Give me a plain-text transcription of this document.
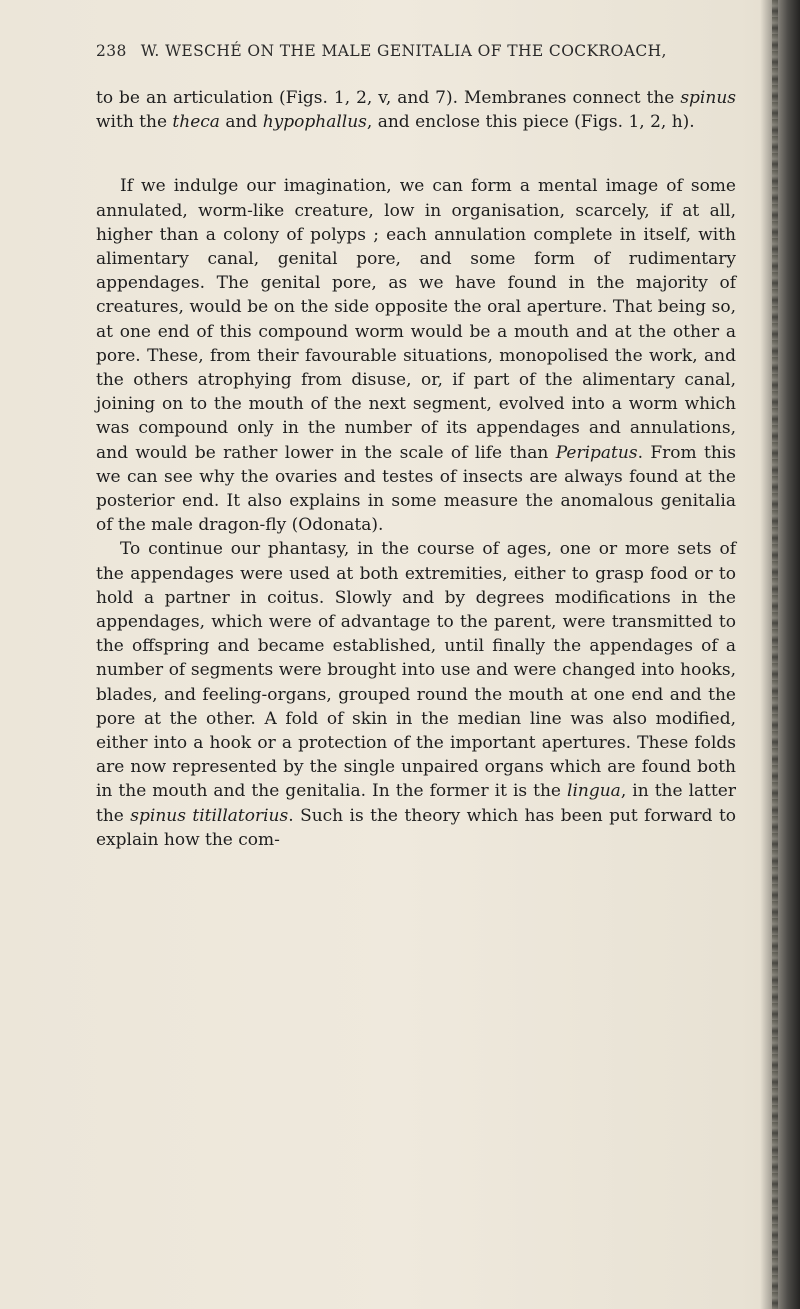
238 W. WESCHÉ ON THE MALE GENITALIA OF THE COCKROACH,

to be an articulation (Figs. 1, 2, v, and 7). Membranes connect the spinus with the theca and hypophallus, and enclose this piece (Figs. 1, 2, h).

If we indulge our imagination, we can form a mental image of some annulated, worm-like creature, low in organisation, scarcely, if at all, higher than a colony of polyps ; each annulation complete in itself, with alimentary canal, genital pore, and some form of rudimentary appendages. The genital pore, as we have found in the majority of creatures, would be on the side opposite the oral aperture. That being so, at one end of this compound worm would be a mouth and at the other a pore. These, from their favourable situations, monopolised the work, and the others atrophying from disuse, or, if part of the alimentary canal, joining on to the mouth of the next segment, evolved into a worm which was compound only in the number of its appendages and annulations, and would be rather lower in the scale of life than Peripatus. From this we can see why the ovaries and testes of insects are always found at the posterior end. It also explains in some measure the anomalous genitalia of the male dragon-fly (Odonata).

To continue our phantasy, in the course of ages, one or more sets of the appendages were used at both extremities, either to grasp food or to hold a partner in coitus. Slowly and by degrees modifications in the appendages, which were of advantage to the parent, were transmitted to the offspring and became established, until finally the appendages of a number of segments were brought into use and were changed into hooks, blades, and feeling-organs, grouped round the mouth at one end and the pore at the other. A fold of skin in the median line was also modified, either into a hook or a protection of the important apertures. These folds are now represented by the single unpaired organs which are found both in the mouth and the genitalia. In the former it is the lingua, in the latter the spinus titillatorius. Such is the theory which has been put forward to explain how the com-
